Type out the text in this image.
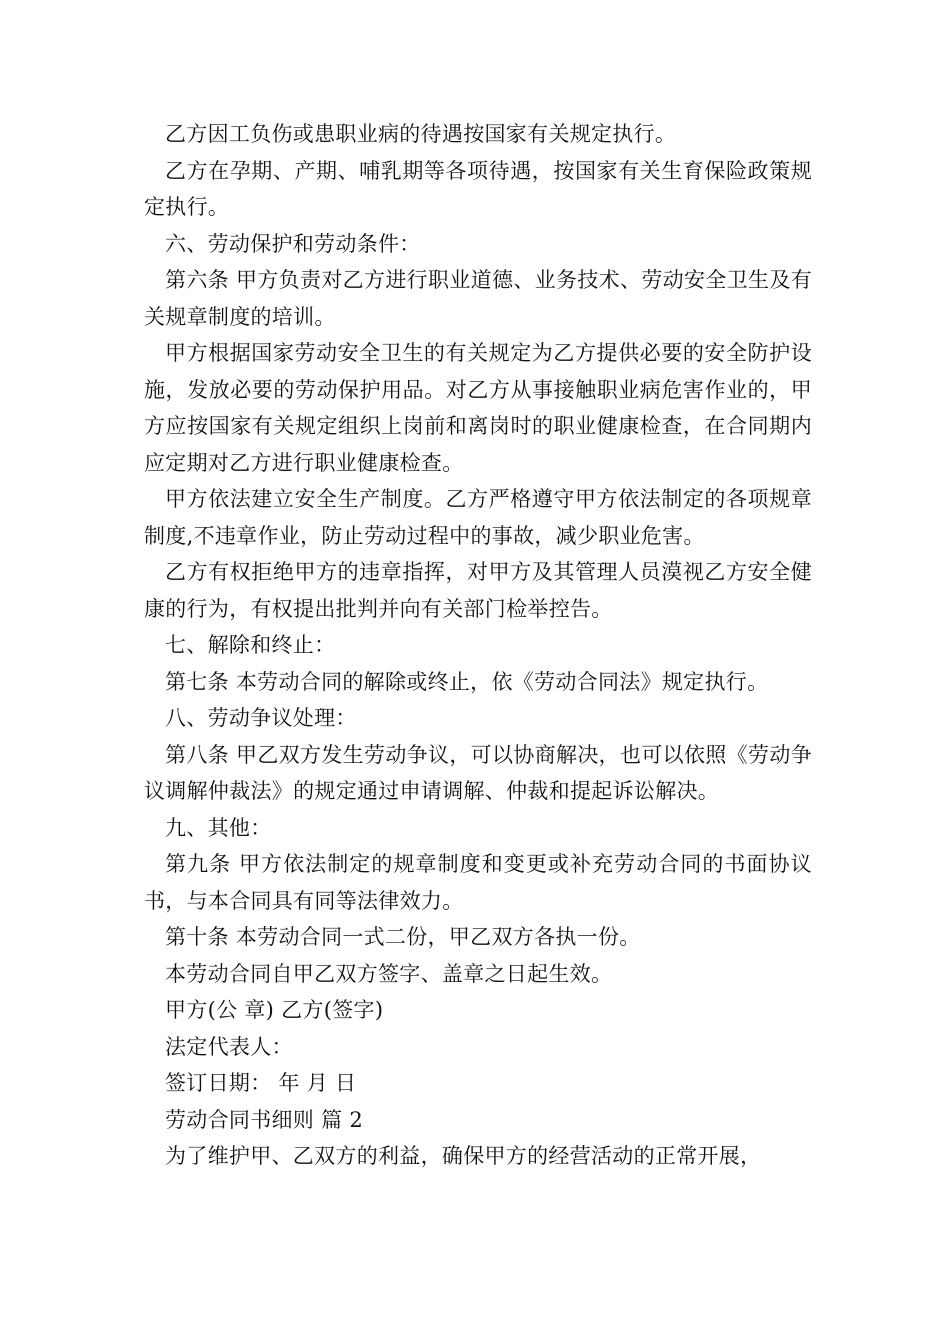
乙方因工负伤或患职业病的待遇按国家有关规定执行。

乙方在孕期、产期、哺乳期等各项待遇，按国家有关生育保险政策规定执行。

六、劳动保护和劳动条件：

第六条 甲方负责对乙方进行职业道德、业务技术、劳动安全卫生及有关规章制度的培训。

甲方根据国家劳动安全卫生的有关规定为乙方提供必要的安全防护设施，发放必要的劳动保护用品。对乙方从事接触职业病危害作业的，甲方应按国家有关规定组织上岗前和离岗时的职业健康检查，在合同期内应定期对乙方进行职业健康检查。

甲方依法建立安全生产制度。乙方严格遵守甲方依法制定的各项规章制度,不违章作业，防止劳动过程中的事故，减少职业危害。

乙方有权拒绝甲方的违章指挥，对甲方及其管理人员漠视乙方安全健康的行为，有权提出批判并向有关部门检举控告。

七、解除和终止：

第七条 本劳动合同的解除或终止，依《劳动合同法》规定执行。

八、劳动争议处理：

第八条 甲乙双方发生劳动争议，可以协商解决，也可以依照《劳动争议调解仲裁法》的规定通过申请调解、仲裁和提起诉讼解决。

九、其他：

第九条 甲方依法制定的规章制度和变更或补充劳动合同的书面协议书，与本合同具有同等法律效力。

第十条 本劳动合同一式二份，甲乙双方各执一份。

本劳动合同自甲乙双方签字、盖章之日起生效。

甲方(公 章) 乙方(签字)

法定代表人：

签订日期： 年 月 日

劳动合同书细则 篇 2

为了维护甲、乙双方的利益，确保甲方的经营活动的正常开展，
